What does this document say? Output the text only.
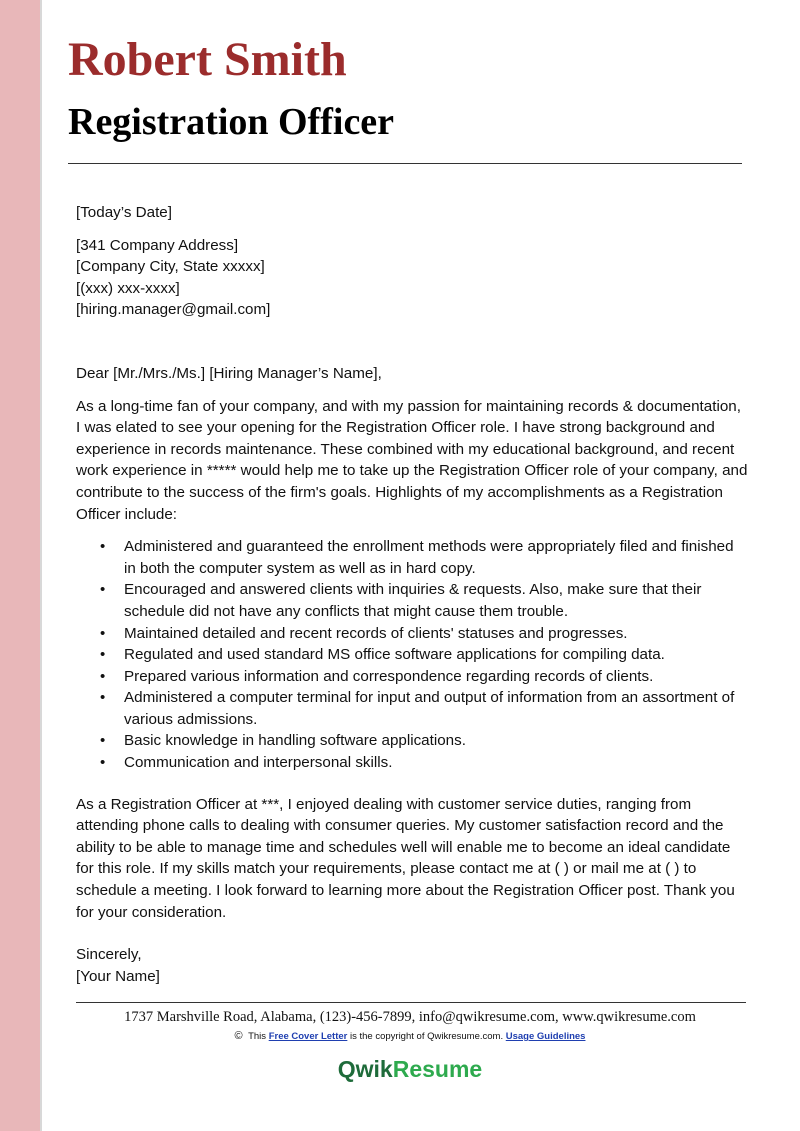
Robert Smith
Registration Officer

[Today’s Date]

[341 Company Address]
[Company City, State xxxxx]
[(xxx) xxx-xxxx]
[hiring.manager@gmail.com]

Dear [Mr./Mrs./Ms.] [Hiring Manager’s Name],

As a long-time fan of your company, and with my passion for maintaining records & documentation, I was elated to see your opening for the Registration Officer role. I have strong background and experience in records maintenance. These combined with my educational background, and recent work experience in ***** would help me to take up the Registration Officer role of your company, and contribute to the success of the firm's goals. Highlights of my accomplishments as a Registration Officer include:

• Administered and guaranteed the enrollment methods were appropriately filed and finished in both the computer system as well as in hard copy.
• Encouraged and answered clients with inquiries & requests. Also, make sure that their schedule did not have any conflicts that might cause them trouble.
• Maintained detailed and recent records of clients' statuses and progresses.
• Regulated and used standard MS office software applications for compiling data.
• Prepared various information and correspondence regarding records of clients.
• Administered a computer terminal for input and output of information from an assortment of various admissions.
• Basic knowledge in handling software applications.
• Communication and interpersonal skills.

As a Registration Officer at ***, I enjoyed dealing with customer service duties, ranging from attending phone calls to dealing with consumer queries. My customer satisfaction record and the ability to be able to manage time and schedules well will enable me to become an ideal candidate for this role. If my skills match your requirements, please contact me at ( ) or mail me at ( ) to schedule a meeting. I look forward to learning more about the Registration Officer post. Thank you for your consideration.

Sincerely,

[Your Name]

1737 Marshville Road, Alabama, (123)-456-7899, info@qwikresume.com, www.qwikresume.com
© This Free Cover Letter is the copyright of Qwikresume.com. Usage Guidelines
QwikResume
